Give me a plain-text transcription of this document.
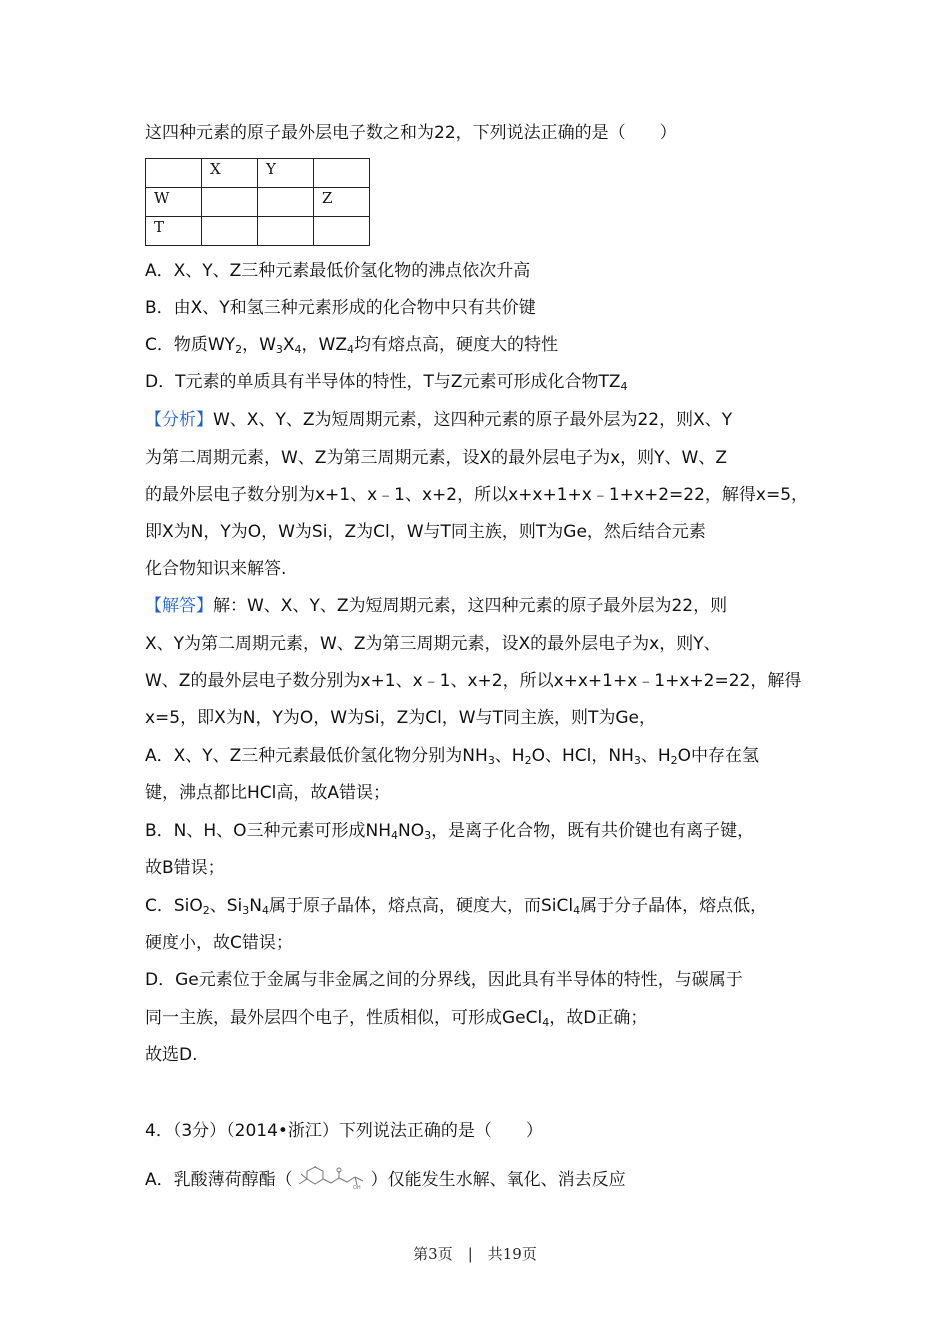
这四种元素的原子最外层电子数之和为22，下列说法正确的是（　　）
	X	Y	
W			Z
T			
A．X、Y、Z三种元素最低价氢化物的沸点依次升高
B．由X、Y和氢三种元素形成的化合物中只有共价键
C．物质$WY_2$，$W_3X_4$，$WZ_4$均有熔点高，硬度大的特性
D．T元素的单质具有半导体的特性，T与Z元素可形成化合物$TZ_4$
【分析】W、X、Y、Z为短周期元素，这四种元素的原子最外层为22，则X、Y
为第二周期元素，W、Z为第三周期元素，设X的最外层电子为x，则Y、W、Z
的最外层电子数分别为x+1、x﹣1、x+2，所以x+x+1+x﹣1+x+2=22，解得x=5，
即X为N，Y为O，W为Si，Z为Cl，W与T同主族，则T为Ge，然后结合元素
化合物知识来解答.
【解答】解：W、X、Y、Z为短周期元素，这四种元素的原子最外层为22，则
X、Y为第二周期元素，W、Z为第三周期元素，设X的最外层电子为x，则Y、
W、Z的最外层电子数分别为x+1、x﹣1、x+2，所以x+x+1+x﹣1+x+2=22，解得
x=5，即X为N，Y为O，W为Si，Z为Cl，W与T同主族，则T为Ge，
A．X、Y、Z三种元素最低价氢化物分别为$NH_3$、$H_2O$、HCl，$NH_3$、$H_2O$中存在氢
键，沸点都比HCl高，故A错误；
B．N、H、O三种元素可形成$NH_4NO_3$，是离子化合物，既有共价键也有离子键，
故B错误；
C．SiO$_2$、$Si_3N_4$属于原子晶体，熔点高，硬度大，而SiCl$_4$属于分子晶体，熔点低，
硬度小，故C错误；
D．Ge元素位于金属与非金属之间的分界线，因此具有半导体的特性，与碳属于
同一主族，最外层四个电子，性质相似，可形成GeCl$_4$，故D正确；
故选D.
4．（3分）（2014•浙江）下列说法正确的是（　　）
A．乳酸薄荷醇酯（	OH ）仅能发生水解、氧化、消去反应
第3页　|　共19页
